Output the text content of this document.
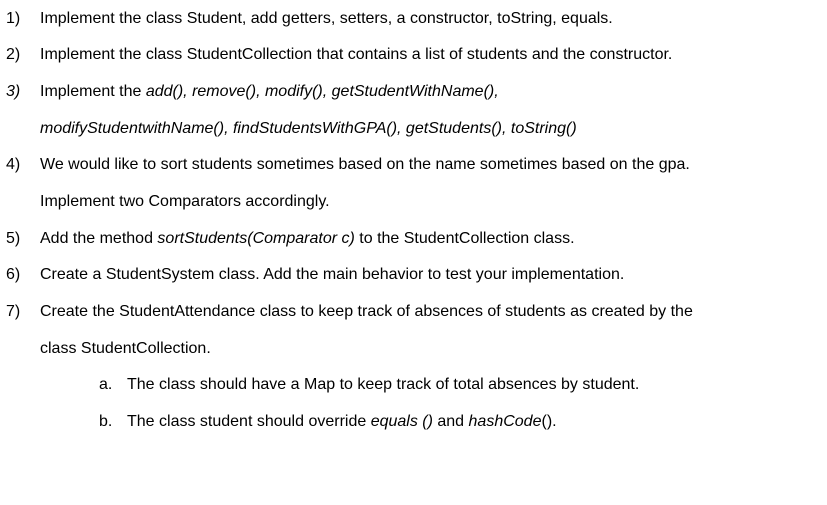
1) Implement the class Student, add getters, setters, a constructor, toString, equals.
2) Implement the class StudentCollection that contains a list of students and the constructor.
3) Implement the add(), remove(), modify(), getStudentWithName(),
modifyStudentwithName(), findStudentsWithGPA(), getStudents(), toString()
4) We would like to sort students sometimes based on the name sometimes based on the gpa.
Implement two Comparators accordingly.
5) Add the method sortStudents(Comparator c) to the StudentCollection class.
6) Create a StudentSystem class. Add the main behavior to test your implementation.
7) Create the StudentAttendance class to keep track of absences of students as created by the
class StudentCollection.
a. The class should have a Map to keep track of total absences by student.
b. The class student should override equals () and hashCode().
